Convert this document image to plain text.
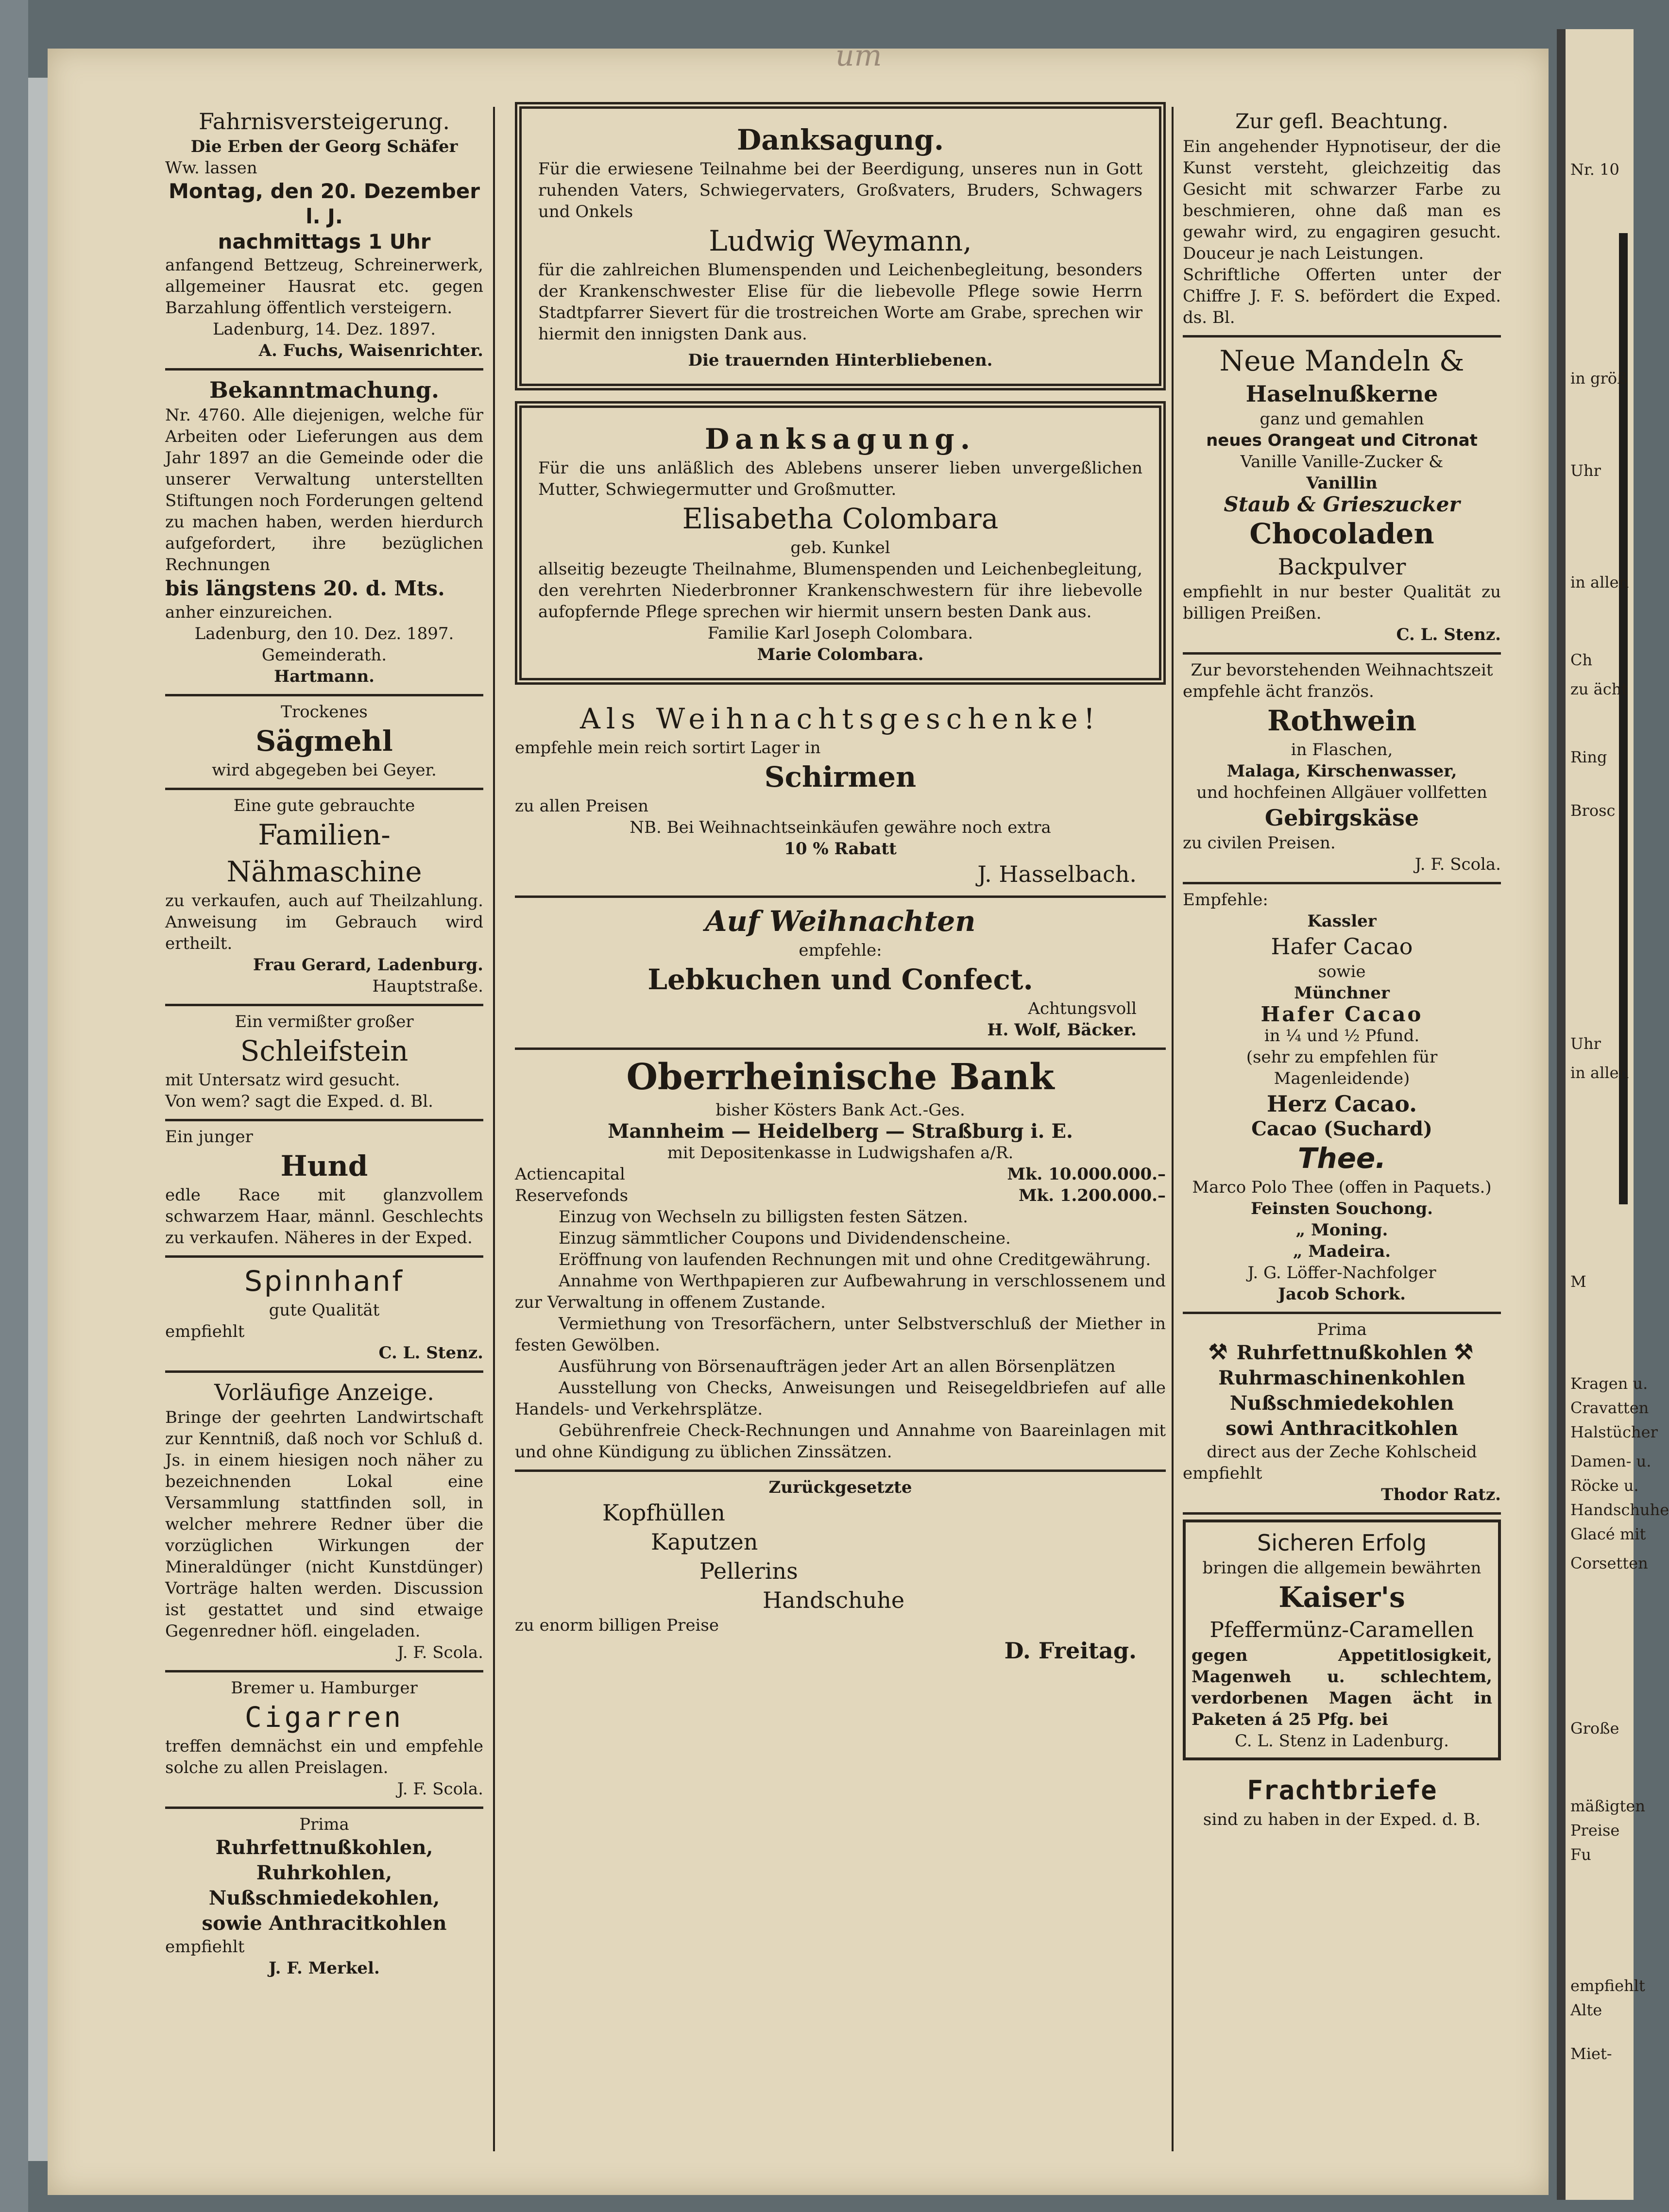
um
Fahrnisversteigerung.
Die Erben der Georg Schäfer
Ww. lassen
Montag, den 20. Dezember l. J.
nachmittags 1 Uhr
anfangend Bettzeug, Schreinerwerk, allgemeiner Hausrat etc. gegen Barzahlung öffentlich versteigern.
Ladenburg, 14. Dez. 1897.
A. Fuchs, Waisenrichter.
Bekanntmachung.
Nr. 4760. Alle diejenigen, welche für Arbeiten oder Lieferungen aus dem Jahr 1897 an die Gemeinde oder die unserer Verwaltung unterstellten Stiftungen noch Forderungen geltend zu machen haben, werden hierdurch aufgefordert, ihre bezüglichen Rechnungen
bis längstens 20. d. Mts.
anher einzureichen.
Ladenburg, den 10. Dez. 1897.
Gemeinderath.
Hartmann.
Trockenes
Sägmehl
wird abgegeben bei Geyer.
Eine gute gebrauchte
Familien-
Nähmaschine
zu verkaufen, auch auf Theilzahlung. Anweisung im Gebrauch wird ertheilt.
Frau Gerard, Ladenburg.
Hauptstraße.
Ein vermißter großer
Schleifstein
mit Untersatz wird gesucht.
Von wem? sagt die Exped. d. Bl.
Ein junger
Hund
edle Race mit glanzvollem schwarzem Haar, männl. Geschlechts zu verkaufen. Näheres in der Exped.
Spinnhanf
gute Qualität
empfiehlt
C. L. Stenz.
Vorläufige Anzeige.
Bringe der geehrten Landwirtschaft zur Kenntniß, daß noch vor Schluß d. Js. in einem hiesigen noch näher zu bezeichnenden Lokal eine Versammlung stattfinden soll, in welcher mehrere Redner über die vorzüglichen Wirkungen der Mineraldünger (nicht Kunstdünger) Vorträge halten werden. Discussion ist gestattet und sind etwaige Gegenredner höfl. eingeladen.
J. F. Scola.
Bremer u. Hamburger
Cigarren
treffen demnächst ein und empfehle solche zu allen Preislagen.
J. F. Scola.
Prima
Ruhrfettnußkohlen,
Ruhrkohlen,
Nußschmiedekohlen,
sowie Anthracitkohlen
empfiehlt
J. F. Merkel.
Danksagung.
Für die erwiesene Teilnahme bei der Beerdigung, unseres nun in Gott ruhenden Vaters, Schwiegervaters, Großvaters, Bruders, Schwagers und Onkels
Ludwig Weymann,
für die zahlreichen Blumenspenden und Leichenbegleitung, besonders der Krankenschwester Elise für die liebevolle Pflege sowie Herrn Stadtpfarrer Sievert für die trostreichen Worte am Grabe, sprechen wir hiermit den innigsten Dank aus.
Die trauernden Hinterbliebenen.
Danksagung.
Für die uns anläßlich des Ablebens unserer lieben unvergeßlichen Mutter, Schwiegermutter und Großmutter.
Elisabetha Colombara
geb. Kunkel
allseitig bezeugte Theilnahme, Blumenspenden und Leichenbegleitung, den verehrten Niederbronner Krankenschwestern für ihre liebevolle aufopfernde Pflege sprechen wir hiermit unsern besten Dank aus.
Familie Karl Joseph Colombara.
Marie Colombara.
Als Weihnachtsgeschenke!
empfehle mein reich sortirt Lager in
Schirmen
zu allen Preisen
NB. Bei Weihnachtseinkäufen gewähre noch extra
10 % Rabatt
J. Hasselbach.
Auf Weihnachten
empfehle:
Lebkuchen und Confect.
Achtungsvoll
H. Wolf, Bäcker.
Oberrheinische Bank
bisher Kösters Bank Act.-Ges.
Mannheim — Heidelberg — Straßburg i. E.
mit Depositenkasse in Ludwigshafen a/R.
Actiencapital	Mk. 10.000.000.–
Reservefonds	Mk. 1.200.000.–
Einzug von Wechseln zu billigsten festen Sätzen.
Einzug sämmtlicher Coupons und Dividendenscheine.
Eröffnung von laufenden Rechnungen mit und ohne Creditgewährung.
Annahme von Werthpapieren zur Aufbewahrung in verschlossenem und zur Verwaltung in offenem Zustande.
Vermiethung von Tresorfächern, unter Selbstverschluß der Miether in festen Gewölben.
Ausführung von Börsenaufträgen jeder Art an allen Börsenplätzen
Ausstellung von Checks, Anweisungen und Reisegeldbriefen auf alle Handels- und Verkehrsplätze.
Gebührenfreie Check-Rechnungen und Annahme von Baareinlagen mit und ohne Kündigung zu üblichen Zinssätzen.
Zurückgesetzte
Kopfhüllen
Kaputzen
Pellerins
Handschuhe
zu enorm billigen Preise
D. Freitag.
Zur gefl. Beachtung.
Ein angehender Hypnotiseur, der die Kunst versteht, gleichzeitig das Gesicht mit schwarzer Farbe zu beschmieren, ohne daß man es gewahr wird, zu engagiren gesucht. Douceur je nach Leistungen.
Schriftliche Offerten unter der Chiffre J. F. S. befördert die Exped. ds. Bl.
Neue Mandeln &
Haselnußkerne
ganz und gemahlen
neues Orangeat und Citronat
Vanille Vanille-Zucker &
Vanillin
Staub & Grieszucker
Chocoladen
Backpulver
empfiehlt in nur bester Qualität zu billigen Preißen.
C. L. Stenz.
Zur bevorstehenden Weihnachtszeit
empfehle ächt französ.
Rothwein
in Flaschen,
Malaga, Kirschenwasser,
und hochfeinen Allgäuer vollfetten
Gebirgskäse
zu civilen Preisen.
J. F. Scola.
Empfehle:
Kassler
Hafer Cacao
sowie
Münchner
Hafer Cacao
in ¼ und ½ Pfund.
(sehr zu empfehlen für Magenleidende)
Herz Cacao.
Cacao (Suchard)
Thee.
Marco Polo Thee (offen in Paquets.)
Feinsten Souchong.
„ Moning.
„ Madeira.
J. G. Löffer-Nachfolger
Jacob Schork.
Prima
⚒ Ruhrfettnußkohlen ⚒
Ruhrmaschinenkohlen
Nußschmiedekohlen
sowi Anthracitkohlen
direct aus der Zeche Kohlscheid
empfiehlt
Thodor Ratz.
Sicheren Erfolg
bringen die allgemein bewährten
Kaiser's
Pfeffermünz-Caramellen
gegen Appetitlosigkeit, Magenweh u. schlechtem, verdorbenen Magen ächt in Paketen á 25 Pfg. bei
C. L. Stenz in Ladenburg.
Frachtbriefe
sind zu haben in der Exped. d. B.
Nr. 10
in größ
Uhr
in allen
Ch
zu ächt
Ring
Brosc
Uhr
in allen
M
Kragen u.
Cravatten
Halstücher
Damen- u.
Röcke u.
Handschuhe
Glacé mit
Corsetten
Große
mäßigten
Preise
Fu
empfiehlt
Alte
Miet-
